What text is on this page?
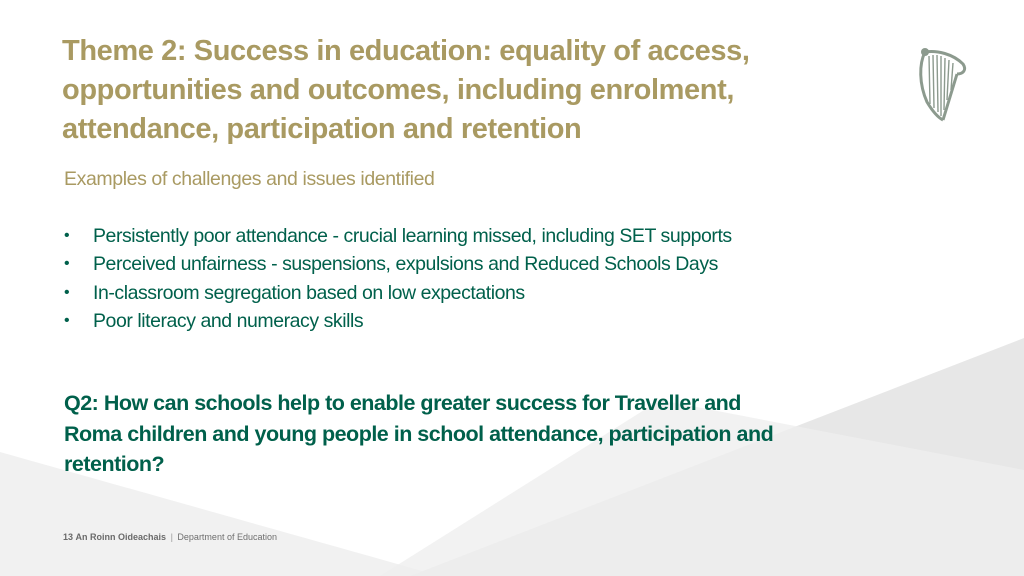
Theme 2: Success in education: equality of access,
opportunities and outcomes, including enrolment,
attendance, participation and retention

Examples of challenges and issues identified

• Persistently poor attendance - crucial learning missed, including SET supports
• Perceived unfairness - suspensions, expulsions and Reduced Schools Days
• In-classroom segregation based on low expectations
• Poor literacy and numeracy skills

Q2: How can schools help to enable greater success for Traveller and
Roma children and young people in school attendance, participation and
retention?

13 An Roinn Oideachais | Department of Education
